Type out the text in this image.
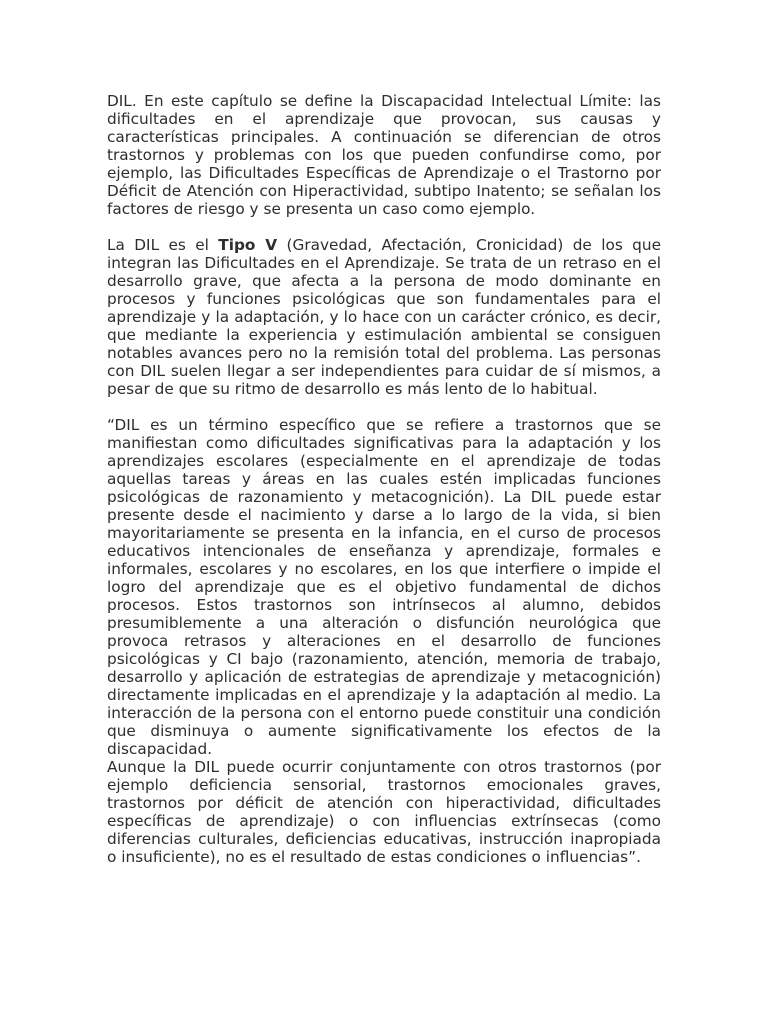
DIL. En este capítulo se define la Discapacidad Intelectual Límite: las dificultades en el aprendizaje que provocan, sus causas y características principales. A continuación se diferencian de otros trastornos y problemas con los que pueden confundirse como, por ejemplo, las Dificultades Específicas de Aprendizaje o el Trastorno por Déficit de Atención con Hiperactividad, subtipo Inatento; se señalan los factores de riesgo y se presenta un caso como ejemplo.

La DIL es el Tipo V (Gravedad, Afectación, Cronicidad) de los que integran las Dificultades en el Aprendizaje. Se trata de un retraso en el desarrollo grave, que afecta a la persona de modo dominante en procesos y funciones psicológicas que son fundamentales para el aprendizaje y la adaptación, y lo hace con un carácter crónico, es decir, que mediante la experiencia y estimulación ambiental se consiguen notables avances pero no la remisión total del problema. Las personas con DIL suelen llegar a ser independientes para cuidar de sí mismos, a pesar de que su ritmo de desarrollo es más lento de lo habitual.

“DIL es un término específico que se refiere a trastornos que se manifiestan como dificultades significativas para la adaptación y los aprendizajes escolares (especialmente en el aprendizaje de todas aquellas tareas y áreas en las cuales estén implicadas funciones psicológicas de razonamiento y metacognición). La DIL puede estar presente desde el nacimiento y darse a lo largo de la vida, si bien mayoritariamente se presenta en la infancia, en el curso de procesos educativos intencionales de enseñanza y aprendizaje, formales e informales, escolares y no escolares, en los que interfiere o impide el logro del aprendizaje que es el objetivo fundamental de dichos procesos. Estos trastornos son intrínsecos al alumno, debidos presumiblemente a una alteración o disfunción neurológica que provoca retrasos y alteraciones en el desarrollo de funciones psicológicas y CI bajo (razonamiento, atención, memoria de trabajo, desarrollo y aplicación de estrategias de aprendizaje y metacognición) directamente implicadas en el aprendizaje y la adaptación al medio. La interacción de la persona con el entorno puede constituir una condición que disminuya o aumente significativamente los efectos de la discapacidad.

Aunque la DIL puede ocurrir conjuntamente con otros trastornos (por ejemplo deficiencia sensorial, trastornos emocionales graves, trastornos por déficit de atención con hiperactividad, dificultades específicas de aprendizaje) o con influencias extrínsecas (como diferencias culturales, deficiencias educativas, instrucción inapropiada o insuficiente), no es el resultado de estas condiciones o influencias”.
